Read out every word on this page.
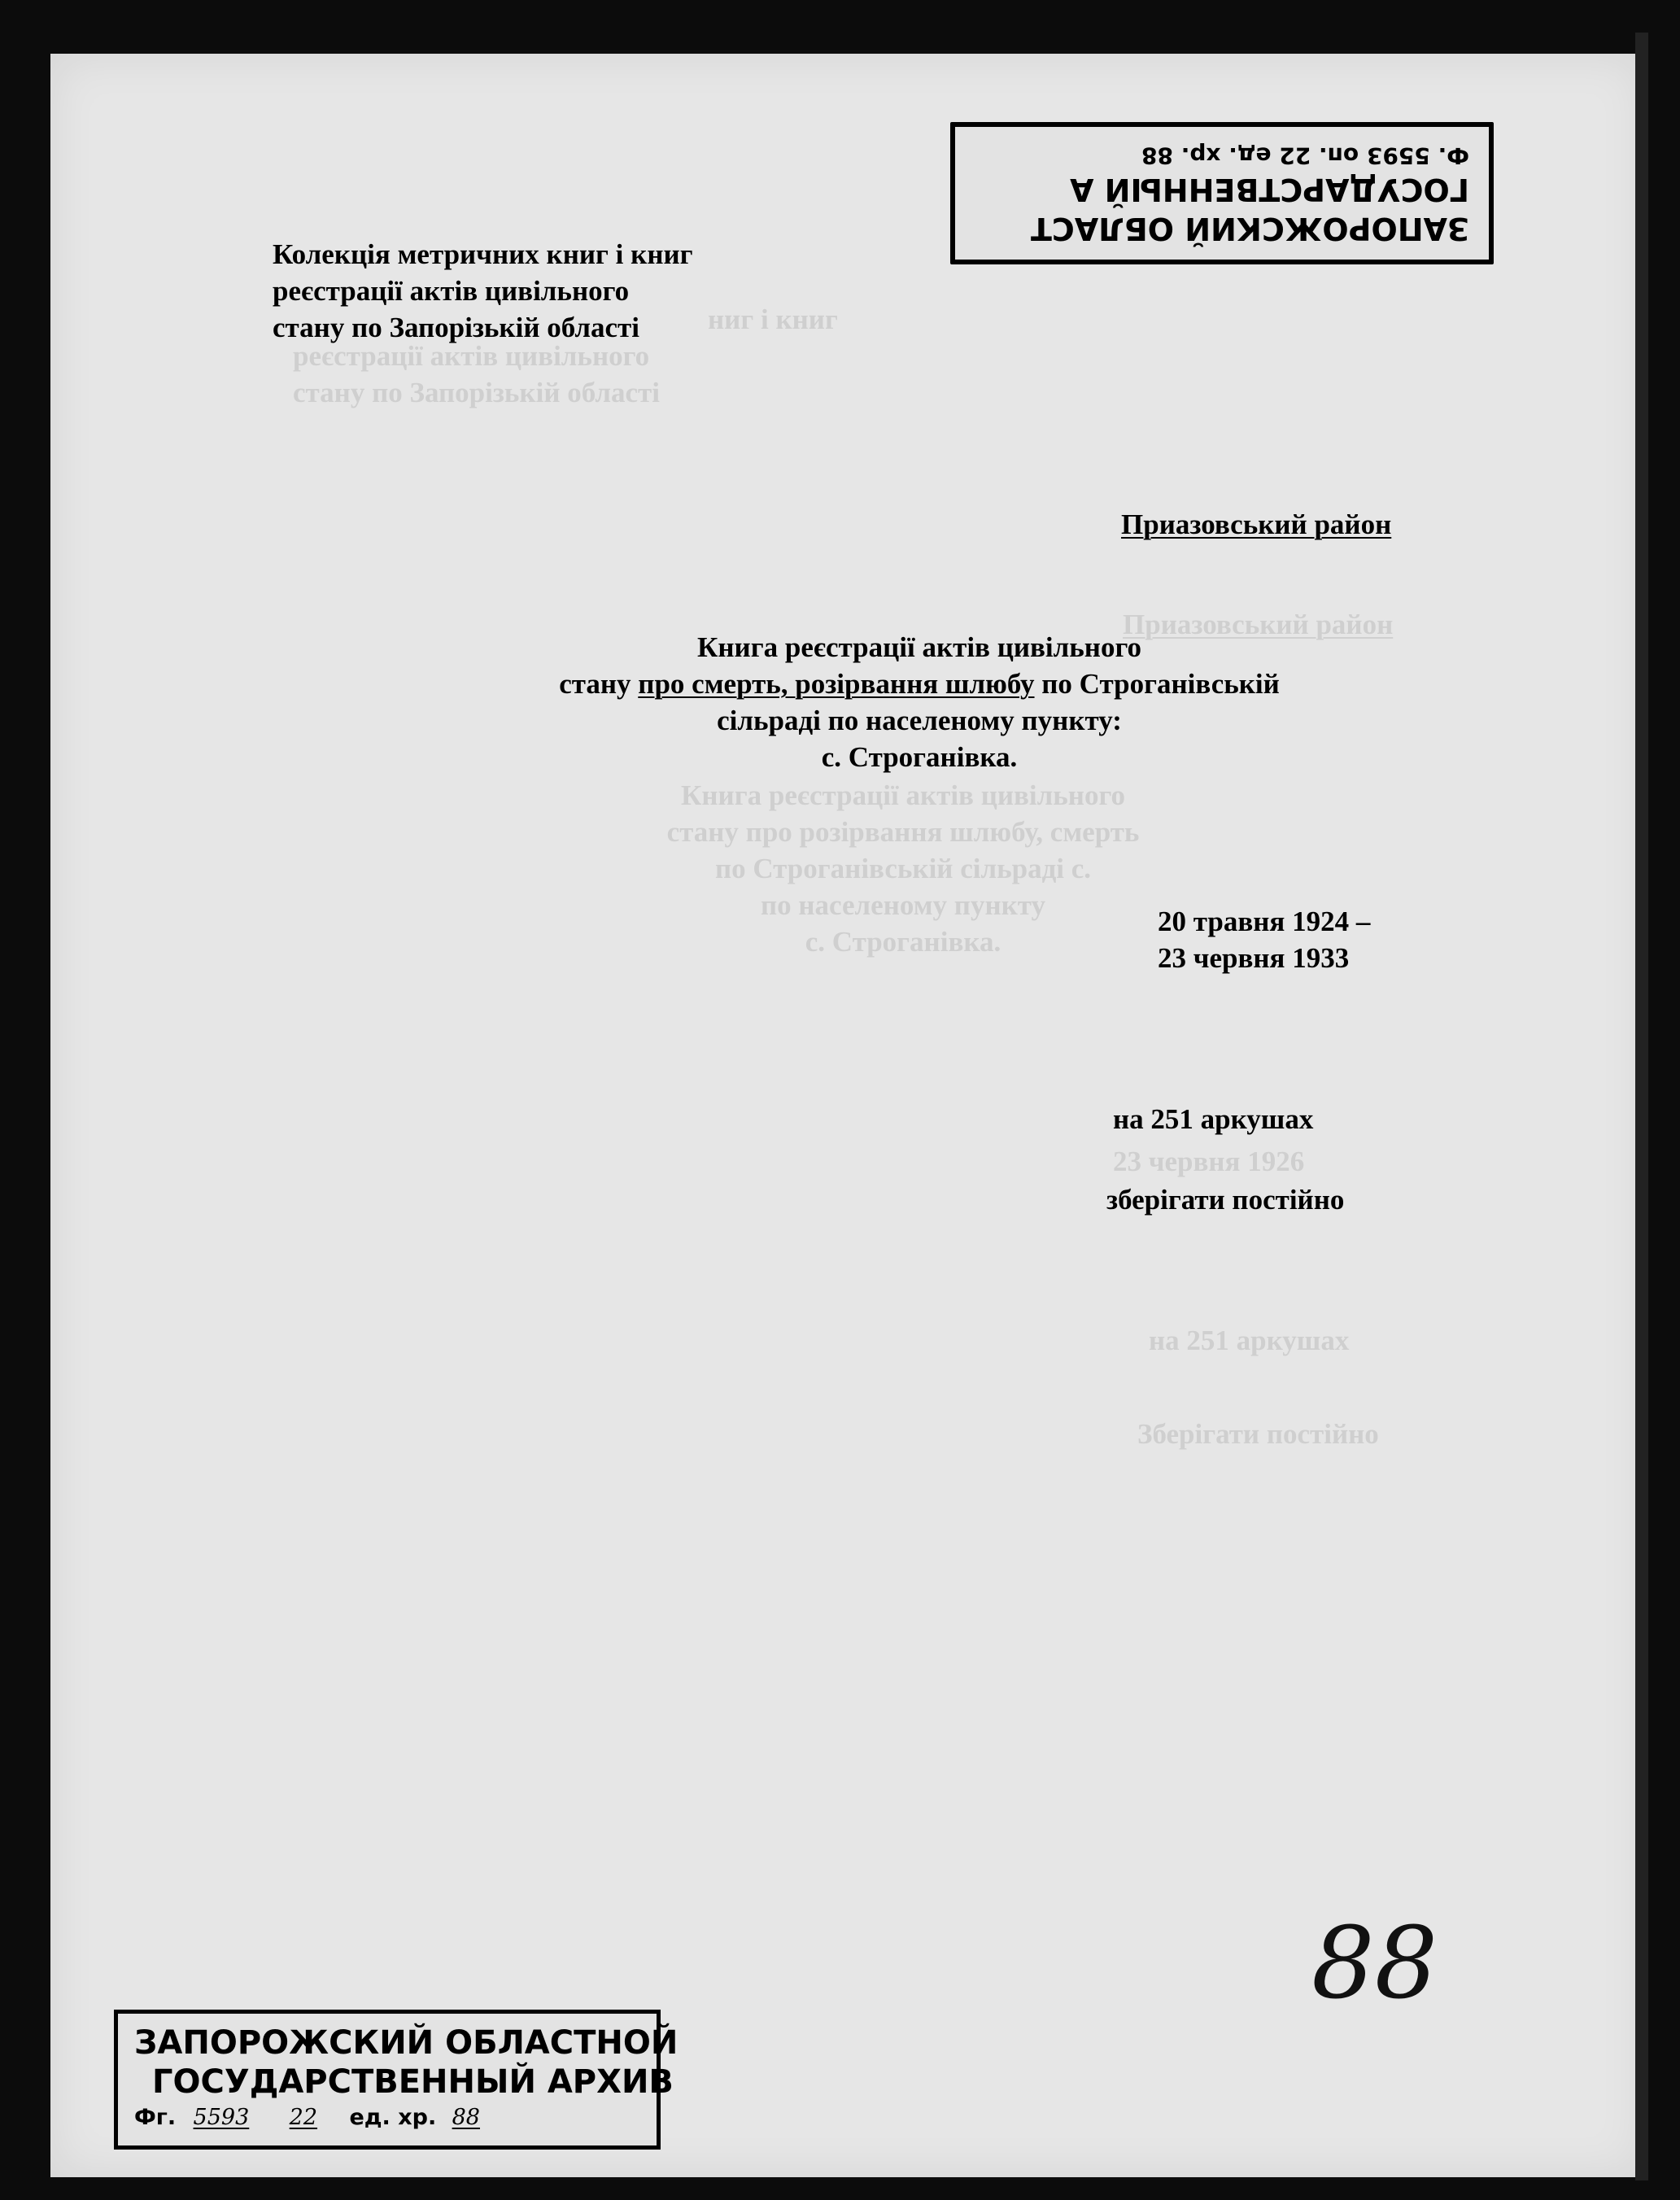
ниг і книг
реєстрації актів цивільного
стану по Запорізькій області
Приазовський район
Книга реєстрації актів цивільного
стану про розірвання шлюбу, смерть
по Строганівській сільраді с.
по населеному пункту
с. Строганівка.
23 червня 1926
на 251 аркушах
Зберігати постійно
ЗАПОРОЖСКИЙ ОБЛАСТ
ГОСУДАРСТВЕННЫЙ А
Ф. 5593 оп. 22 ед. хр. 88
Колекція метричних книг і книг
реєстрації актів цивільного
стану по Запорізькій області
Приазовський район
Книга реєстрації актів цивільного
стану про смерть, розірвання шлюбу по Строганівській
сільраді по населеному пункту:
с. Строганівка.
20 травня 1924 –
23 червня 1933
на 251 аркушах
зберігати постійно
88
ЗАПОРОЖСКИЙ ОБЛАСТНОЙ
ГОСУДАРСТВЕННЫЙ АРХИВ
Фг. 5593 22 ед. хр. 88
